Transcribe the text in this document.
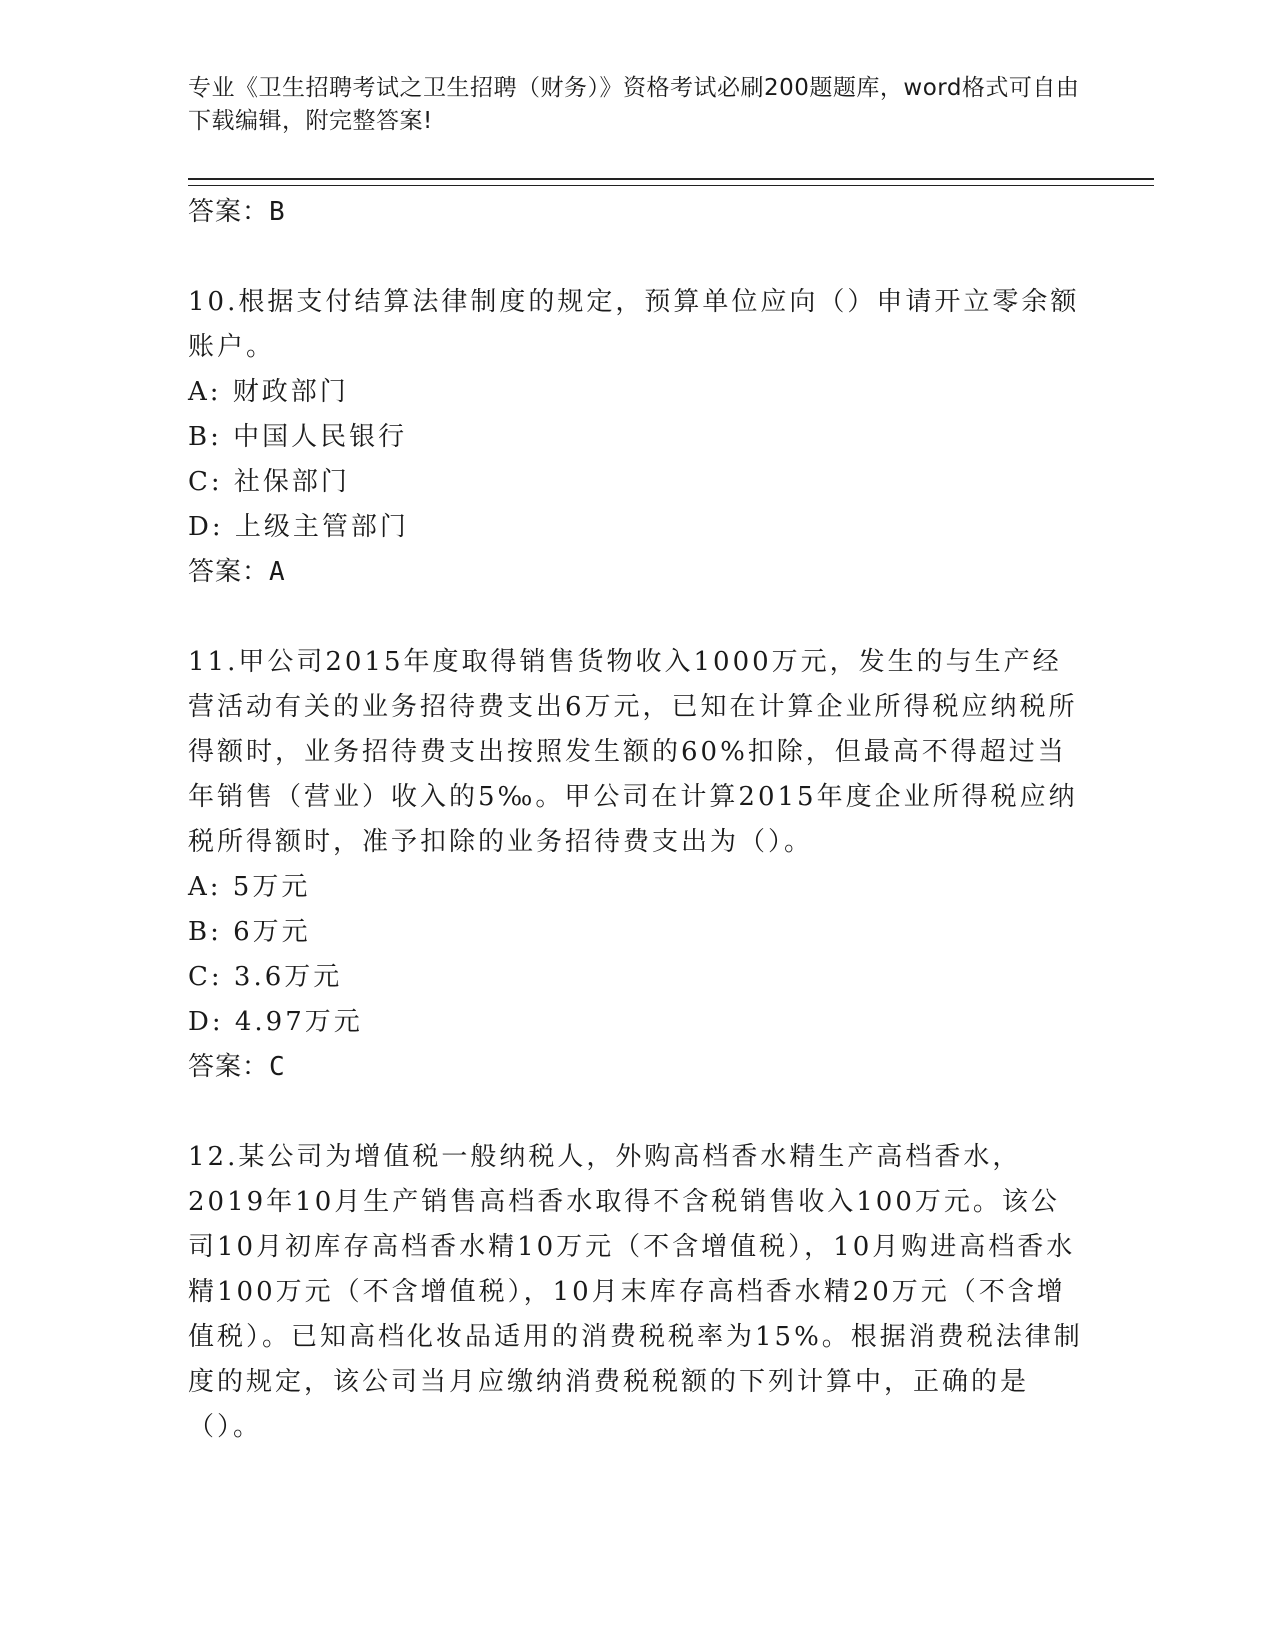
专业《卫生招聘考试之卫生招聘（财务）》资格考试必刷200题题库，word格式可自由下载编辑，附完整答案!
答案：B
10.根据支付结算法律制度的规定，预算单位应向（）申请开立零余额账户。
A: 财政部门
B: 中国人民银行
C: 社保部门
D: 上级主管部门
答案：A
11.甲公司2015年度取得销售货物收入1000万元，发生的与生产经营活动有关的业务招待费支出6万元，已知在计算企业所得税应纳税所得额时，业务招待费支出按照发生额的60%扣除，但最高不得超过当年销售（营业）收入的5‰。甲公司在计算2015年度企业所得税应纳税所得额时，准予扣除的业务招待费支出为（）。
A: 5万元
B: 6万元
C: 3.6万元
D: 4.97万元
答案：C
12.某公司为增值税一般纳税人，外购高档香水精生产高档香水，2019年10月生产销售高档香水取得不含税销售收入100万元。该公司10月初库存高档香水精10万元（不含增值税），10月购进高档香水精100万元（不含增值税），10月末库存高档香水精20万元（不含增值税）。已知高档化妆品适用的消费税税率为15%。根据消费税法律制度的规定，该公司当月应缴纳消费税税额的下列计算中，正确的是（）。
